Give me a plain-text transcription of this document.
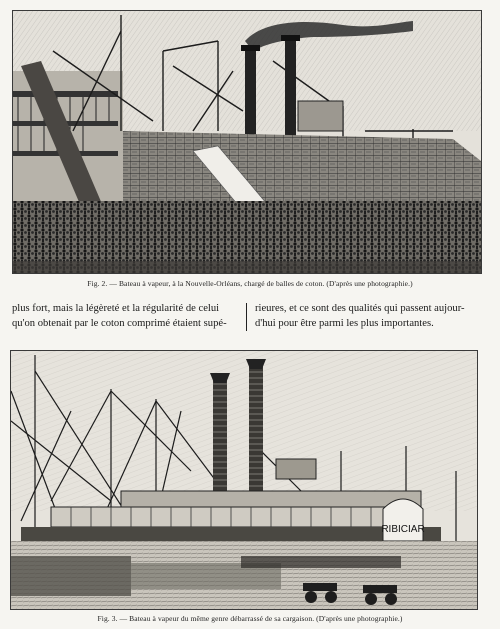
Fig. 2. — Bateau à vapeur, à la Nouvelle-Orléans, chargé de balles de coton. (D'après une photographie.)
plus fort, mais la légèreté et la régularité de celui
qu'on obtenait par le coton comprimé étaient supé-
rieures, et ce sont des qualités qui passent aujour-
d'hui pour être parmi les plus importantes.
RIBICIAR
Fig. 3. — Bateau à vapeur du même genre débarrassé de sa cargaison. (D'après une photographie.)
